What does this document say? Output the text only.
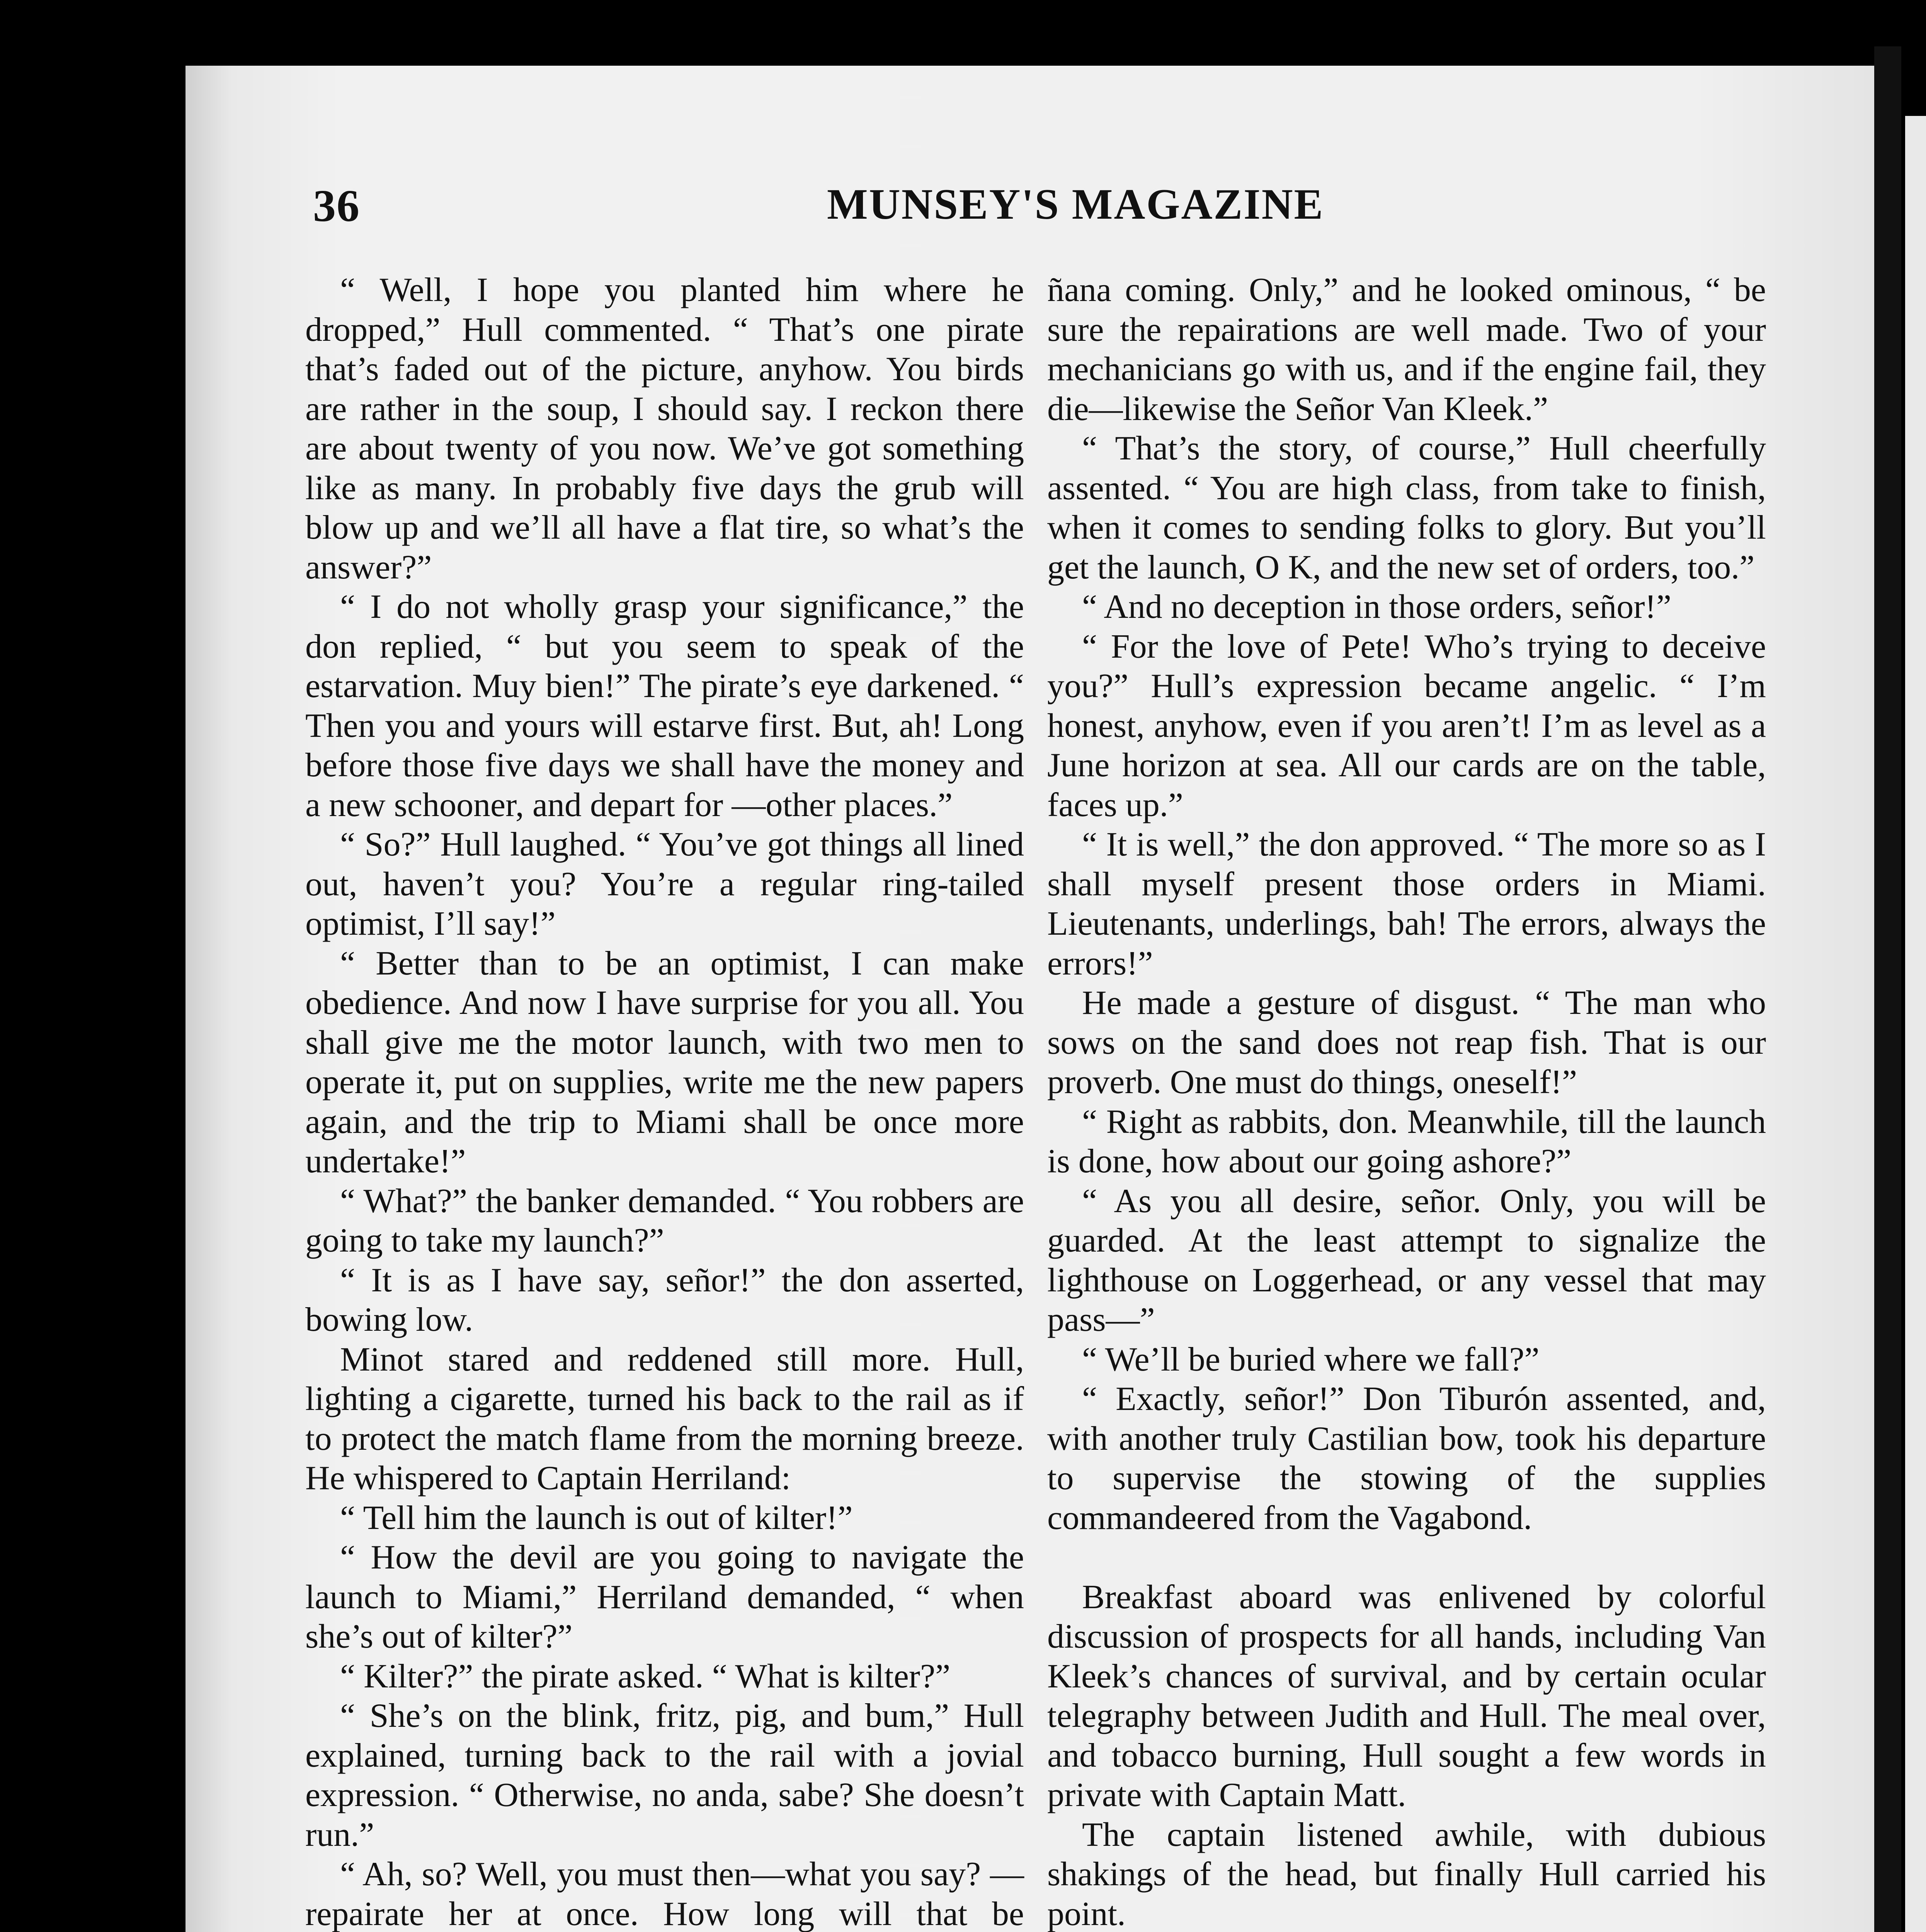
36	MUNSEY'S MAGAZINE

“ Well, I hope you planted him where he dropped,” Hull commented. “ That’s one pirate that’s faded out of the picture, anyhow. You birds are rather in the soup, I should say. I reckon there are about twenty of you now. We’ve got something like as many. In probably five days the grub will blow up and we’ll all have a flat tire, so what’s the answer?”

“ I do not wholly grasp your significance,” the don replied, “ but you seem to speak of the estarvation. Muy bien!” The pirate’s eye darkened. “ Then you and yours will estarve first. But, ah! Long before those five days we shall have the money and a new schooner, and depart for —other places.”

“ So?” Hull laughed. “ You’ve got things all lined out, haven’t you? You’re a regular ring-tailed optimist, I’ll say!”

“ Better than to be an optimist, I can make obedience. And now I have surprise for you all. You shall give me the motor launch, with two men to operate it, put on supplies, write me the new papers again, and the trip to Miami shall be once more undertake!”

“ What?” the banker demanded. “ You robbers are going to take my launch?”

“ It is as I have say, señor!” the don asserted, bowing low.

Minot stared and reddened still more. Hull, lighting a cigarette, turned his back to the rail as if to protect the match flame from the morning breeze. He whispered to Captain Herriland:

“ Tell him the launch is out of kilter!”

“ How the devil are you going to navigate the launch to Miami,” Herriland demanded, “ when she’s out of kilter?”

“ Kilter?” the pirate asked. “ What is kilter?”

“ She’s on the blink, fritz, pig, and bum,” Hull explained, turning back to the rail with a jovial expression. “ Otherwise, no anda, sabe? She doesn’t run.”

“ Ah, so? Well, you must then—what you say? — repairate her at once. How long will that be

ñana coming. Only,” and he looked ominous, “ be sure the repairations are well made. Two of your mechanicians go with us, and if the engine fail, they die—likewise the Señor Van Kleek.”

“ That’s the story, of course,” Hull cheerfully assented. “ You are high class, from take to finish, when it comes to sending folks to glory. But you’ll get the launch, O K, and the new set of orders, too.”

“ And no deception in those orders, señor!”

“ For the love of Pete! Who’s trying to deceive you?” Hull’s expression became angelic. “ I’m honest, anyhow, even if you aren’t! I’m as level as a June horizon at sea. All our cards are on the table, faces up.”

“ It is well,” the don approved. “ The more so as I shall myself present those orders in Miami. Lieutenants, underlings, bah! The errors, always the errors!”

He made a gesture of disgust. “ The man who sows on the sand does not reap fish. That is our proverb. One must do things, oneself!”

“ Right as rabbits, don. Meanwhile, till the launch is done, how about our going ashore?”

“ As you all desire, señor. Only, you will be guarded. At the least attempt to signalize the lighthouse on Loggerhead, or any vessel that may pass—”

“ We’ll be buried where we fall?”

“ Exactly, señor!” Don Tiburón assented, and, with another truly Castilian bow, took his departure to supervise the stowing of the supplies commandeered from the Vagabond.

Breakfast aboard was enlivened by colorful discussion of prospects for all hands, including Van Kleek’s chances of survival, and by certain ocular telegraphy between Judith and Hull. The meal over, and tobacco burning, Hull sought a few words in private with Captain Matt.

The captain listened awhile, with dubious shakings of the head, but finally Hull carried his point.
